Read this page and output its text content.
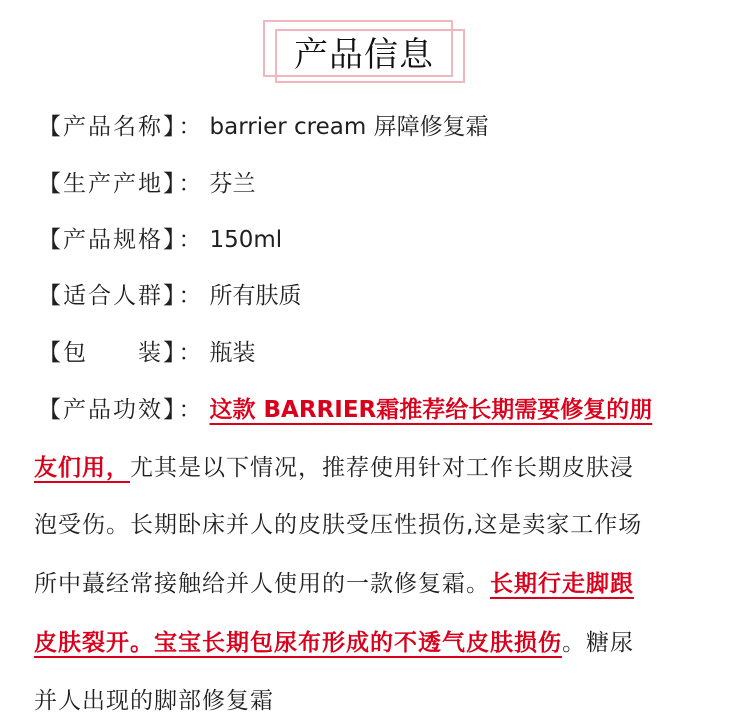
产品信息
【产品名称】： barrier cream 屏障修复霜
【生产产地】： 芬兰
【产品规格】： 150ml
【适合人群】： 所有肤质
【包　　装】： 瓶装
【产品功效】： 这款 BARRIER霜推荐给长期需要修复的朋
友们用，尤其是以下情况，推荐使用针对工作长期皮肤浸
泡受伤。长期卧床并人的皮肤受压性损伤,这是卖家工作场
所中蕞经常接触给并人使用的一款修复霜。长期行走脚跟
皮肤裂开。宝宝长期包尿布形成的不透气皮肤损伤。糖尿
并人出现的脚部修复霜
